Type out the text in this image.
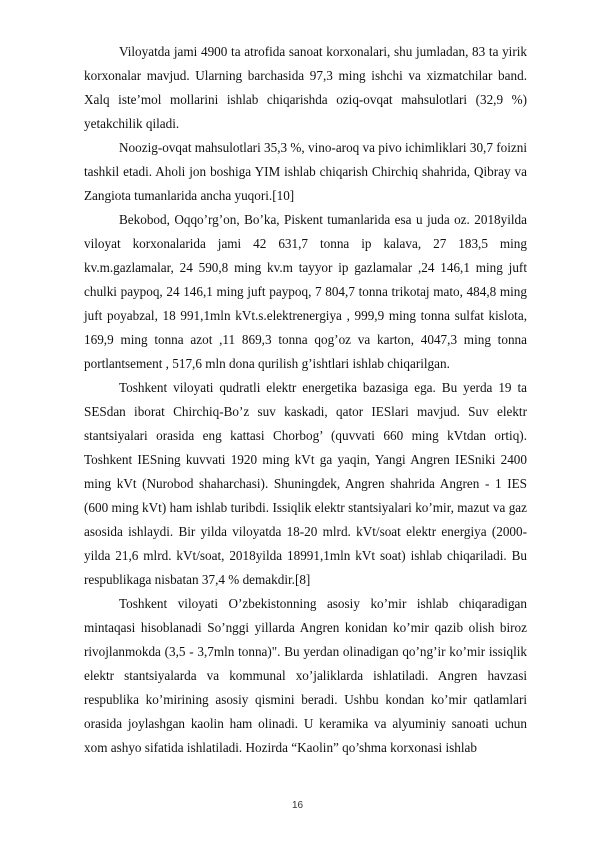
Viloyatda jami 4900 ta atrofida sanoat korxonalari, shu jumladan, 83 ta yirik korxonalar mavjud. Ularning barchasida 97,3 ming ishchi va xizmatchilar band. Xalq iste’mol mollarini ishlab chiqarishda oziq-ovqat mahsulotlari (32,9 %) yetakchilik qiladi.

Noozig-ovqat mahsulotlari 35,3 %, vino-aroq va pivo ichimliklari 30,7 foizni tashkil etadi. Aholi jon boshiga YIM ishlab chiqarish Chirchiq shahrida, Qibray va Zangiota tumanlarida ancha yuqori.[10]

Bekobod, Oqqo’rg’on, Bo’ka, Piskent tumanlarida esa u juda oz. 2018yilda viloyat korxonalarida jami 42 631,7 tonna ip kalava, 27 183,5 ming kv.m.gazlamalar, 24 590,8 ming kv.m tayyor ip gazlamalar ,24 146,1 ming juft chulki paypoq, 24 146,1 ming juft paypoq, 7 804,7 tonna trikotaj mato, 484,8 ming juft poyabzal, 18 991,1mln kVt.s.elektrenergiya , 999,9 ming tonna sulfat kislota, 169,9 ming tonna azot ,11 869,3 tonna qog’oz va karton, 4047,3 ming tonna portlantsement , 517,6 mln dona qurilish g’ishtlari ishlab chiqarilgan.

Toshkent viloyati qudratli elektr energetika bazasiga ega. Bu yerda 19 ta SESdan iborat Chirchiq-Bo’z suv kaskadi, qator IESlari mavjud. Suv elektr stantsiyalari orasida eng kattasi Chorbog’ (quvvati 660 ming kVtdan ortiq). Toshkent IESning kuvvati 1920 ming kVt ga yaqin, Yangi Angren IESniki 2400 ming kVt (Nurobod shaharchasi). Shuningdek, Angren shahrida Angren - 1 IES (600 ming kVt) ham ishlab turibdi. Issiqlik elektr stantsiyalari ko’mir, mazut va gaz asosida ishlaydi. Bir yilda viloyatda 18-20 mlrd. kVt/soat elektr energiya (2000- yilda 21,6 mlrd. kVt/soat, 2018yilda 18991,1mln kVt soat) ishlab chiqariladi. Bu respublikaga nisbatan 37,4 % demakdir.[8]

Toshkent viloyati O’zbekistonning asosiy ko’mir ishlab chiqaradigan mintaqasi hisoblanadi So’nggi yillarda Angren konidan ko’mir qazib olish biroz rivojlanmokda (3,5 - 3,7mln tonna)". Bu yerdan olinadigan qo’ng’ir ko’mir issiqlik elektr stantsiyalarda va kommunal xo’jaliklarda ishlatiladi. Angren havzasi respublika ko’mirining asosiy qismini beradi. Ushbu kondan ko’mir qatlamlari orasida joylashgan kaolin ham olinadi. U keramika va alyuminiy sanoati uchun xom ashyo sifatida ishlatiladi. Hozirda “Kaolin” qo’shma korxonasi ishlab

16
